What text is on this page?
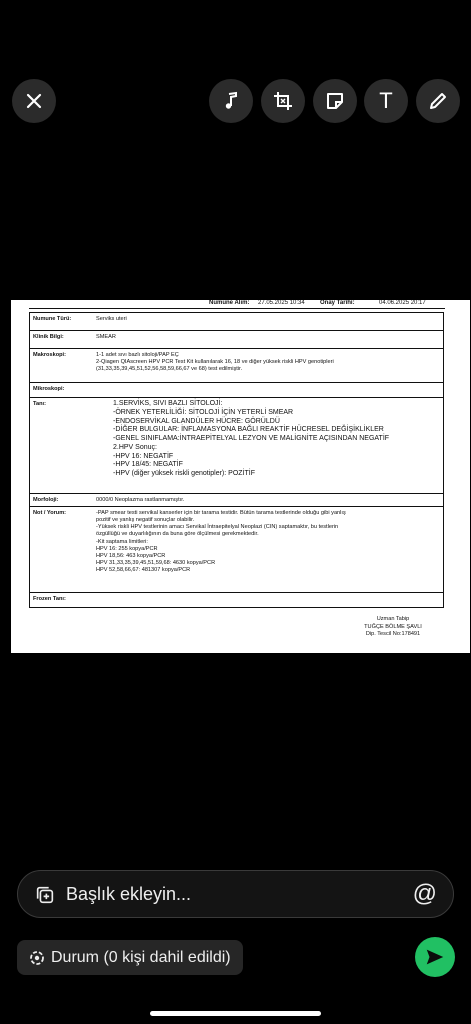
T
Numune Alım: 27.05.2025 10:34	Onay Tarihi:	04.06.2025 20:17
Numune Türü:	Serviks uteri
Klinik Bilgi:	SMEAR
Makroskopi:	1-1 adet sıvı bazlı sitoloji/PAP EÇ
2-Qiagen QIAscreen HPV PCR Test Kit kullanılarak 16, 18 ve diğer yüksek riskli HPV genotipleri
(31,33,35,39,45,51,52,56,58,59,66,67 ve 68) test edilmiştir.
Mikroskopi:
Tanı:	1.SERVİKS, SIVI BAZLI SİTOLOJİ:
-ÖRNEK YETERLİLİĞİ: SİTOLOJİ İÇİN YETERLİ SMEAR
-ENDOSERVİKAL GLANDÜLER HÜCRE: GÖRÜLDÜ
-DİĞER BULGULAR: İNFLAMASYONA BAĞLI REAKTİF HÜCRESEL DEĞİŞİKLİKLER
-GENEL SINIFLAMA:İNTRAEPİTELYAL LEZYON VE MALİGNİTE AÇISINDAN NEGATİF
2.HPV Sonuç:
-HPV 16: NEGATİF
-HPV 18/45: NEGATİF
-HPV (diğer yüksek riskli genotipler): POZİTİF
Morfoloji:	0000/0 Neoplazma rastlanmamıştır.
Not / Yorum:	-PAP smear testi servikal kanserler için bir tarama testidir. Bütün tarama testlerinde olduğu gibi yanlış
pozitif ve yanlış negatif sonuçlar olabilir.
-Yüksek riskli HPV testlerinin amacı Servikal İntraepitelyal Neoplazi (CIN) saptamaktır, bu testlerin
özgüllüğü ve duyarlılığının da buna göre ölçülmesi gerekmektedir.
-Kit saptama limitleri:
HPV 16: 255 kopya/PCR
HPV 18,56: 463 kopya/PCR
HPV 31,33,35,39,45,51,59,68: 4630 kopya/PCR
HPV 52,58,66,67: 481307 kopya/PCR
Frozen Tanı:
Uzman Tabip
TUĞÇE BÖLME ŞAVLI
Dip. Tescil No:178491
Başlık ekleyin...	@
Durum (0 kişi dahil edildi)
